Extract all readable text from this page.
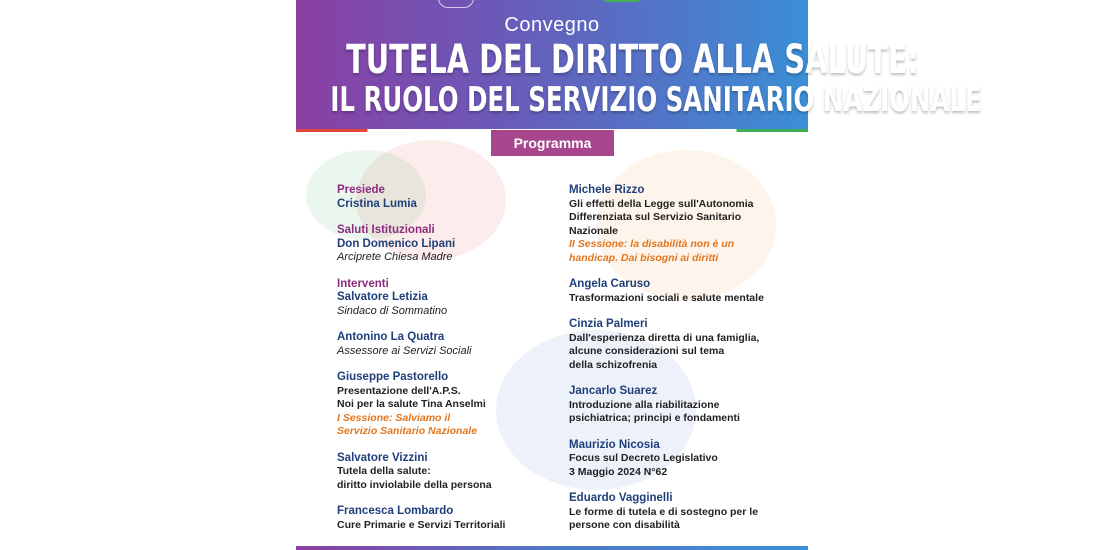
Convegno
TUTELA DEL DIRITTO ALLA SALUTE:
IL RUOLO DEL SERVIZIO SANITARIO NAZIONALE
Programma
Presiede
Cristina Lumia
Saluti Istituzionali
Don Domenico Lipani
Arciprete Chiesa Madre
Interventi
Salvatore Letizia
Sindaco di Sommatino
Antonino La Quatra
Assessore ai Servizi Sociali
Giuseppe Pastorello
Presentazione dell'A.P.S.
Noi per la salute Tina Anselmi
I Sessione: Salviamo il
Servizio Sanitario Nazionale
Salvatore Vizzini
Tutela della salute:
diritto inviolabile della persona
Francesca Lombardo
Cure Primarie e Servizi Territoriali
Michele Rizzo
Gli effetti della Legge sull'Autonomia
Differenziata sul Servizio Sanitario
Nazionale
II Sessione: la disabilità non è un
handicap. Dai bisogni ai diritti
Angela Caruso
Trasformazioni sociali e salute mentale
Cinzia Palmeri
Dall'esperienza diretta di una famiglia,
alcune considerazioni sul tema
della schizofrenia
Jancarlo Suarez
Introduzione alla riabilitazione
psichiatrica; principi e fondamenti
Maurizio Nicosia
Focus sul Decreto Legislativo
3 Maggio 2024 N°62
Eduardo Vagginelli
Le forme di tutela e di sostegno per le
persone con disabilità
